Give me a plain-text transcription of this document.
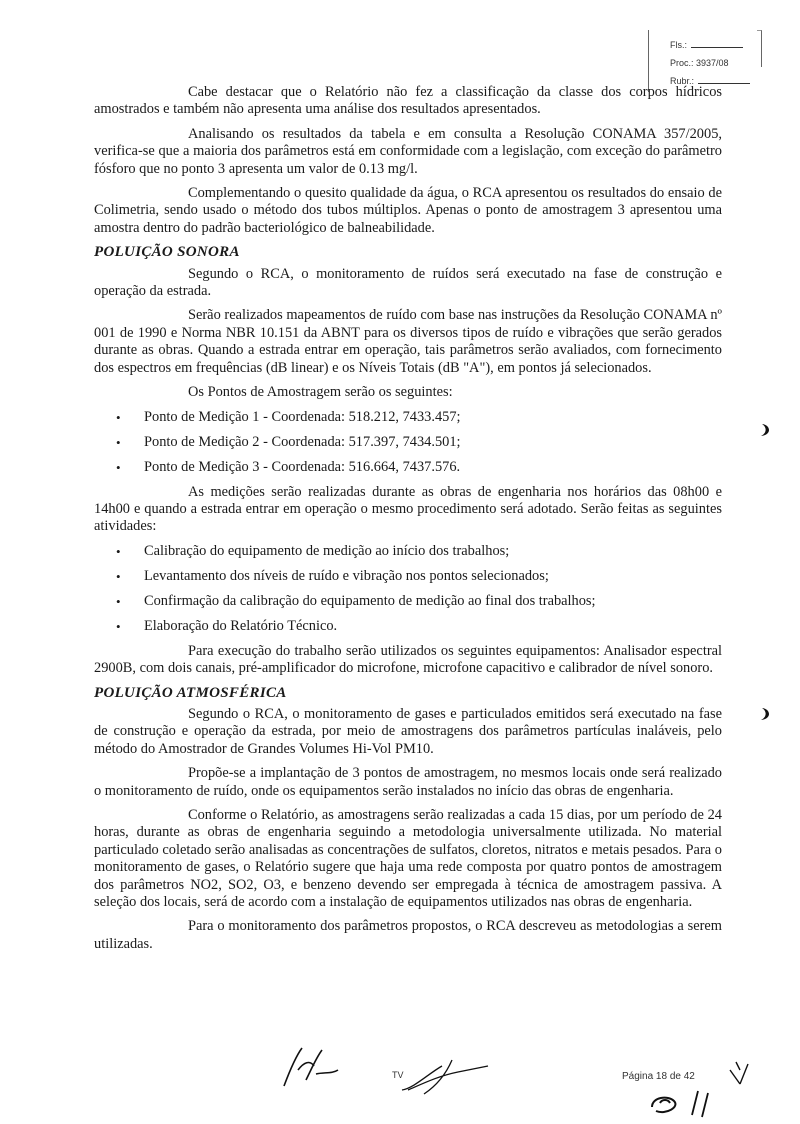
Fls.:
Proc.: 3937/08
Rubr.:

Cabe destacar que o Relatório não fez a classificação da classe dos corpos hídricos amostrados e também não apresenta uma análise dos resultados apresentados.

Analisando os resultados da tabela e em consulta a Resolução CONAMA 357/2005, verifica-se que a maioria dos parâmetros está em conformidade com a legislação, com exceção do parâmetro fósforo que no ponto 3 apresenta um valor de 0.13 mg/l.

Complementando o quesito qualidade da água, o RCA apresentou os resultados do ensaio de Colimetria, sendo usado o método dos tubos múltiplos. Apenas o ponto de amostragem 3 apresentou uma amostra dentro do padrão bacteriológico de balneabilidade.

POLUIÇÃO SONORA

Segundo o RCA, o monitoramento de ruídos será executado na fase de construção e operação da estrada.

Serão realizados mapeamentos de ruído com base nas instruções da Resolução CONAMA nº 001 de 1990 e Norma NBR 10.151 da ABNT para os diversos tipos de ruído e vibrações que serão gerados durante as obras. Quando a estrada entrar em operação, tais parâmetros serão avaliados, com fornecimento dos espectros em frequências (dB linear) e os Níveis Totais (dB "A"), em pontos já selecionados.

Os Pontos de Amostragem serão os seguintes:

• Ponto de Medição 1 - Coordenada: 518.212, 7433.457;
• Ponto de Medição 2 - Coordenada: 517.397, 7434.501;
• Ponto de Medição 3 - Coordenada: 516.664, 7437.576.

As medições serão realizadas durante as obras de engenharia nos horários das 08h00 e 14h00 e quando a estrada entrar em operação o mesmo procedimento será adotado. Serão feitas as seguintes atividades:

• Calibração do equipamento de medição ao início dos trabalhos;
• Levantamento dos níveis de ruído e vibração nos pontos selecionados;
• Confirmação da calibração do equipamento de medição ao final dos trabalhos;
• Elaboração do Relatório Técnico.

Para execução do trabalho serão utilizados os seguintes equipamentos: Analisador espectral 2900B, com dois canais, pré-amplificador do microfone, microfone capacitivo e calibrador de nível sonoro.

POLUIÇÃO ATMOSFÉRICA

Segundo o RCA, o monitoramento de gases e particulados emitidos será executado na fase de construção e operação da estrada, por meio de amostragens dos parâmetros partículas inaláveis, pelo método do Amostrador de Grandes Volumes Hi-Vol PM10.

Propõe-se a implantação de 3 pontos de amostragem, no mesmos locais onde será realizado o monitoramento de ruído, onde os equipamentos serão instalados no início das obras de engenharia.

Conforme o Relatório, as amostragens serão realizadas a cada 15 dias, por um período de 24 horas, durante as obras de engenharia seguindo a metodologia universalmente utilizada. No material particulado coletado serão analisadas as concentrações de sulfatos, cloretos, nitratos e metais pesados. Para o monitoramento de gases, o Relatório sugere que haja uma rede composta por quatro pontos de amostragem dos parâmetros NO2, SO2, O3, e benzeno devendo ser empregada à técnica de amostragem passiva. A seleção dos locais, será de acordo com a instalação de equipamentos utilizados nas obras de engenharia.

Para o monitoramento dos parâmetros propostos, o RCA descreveu as metodologias a serem utilizadas.

TV	Página 18 de 42
